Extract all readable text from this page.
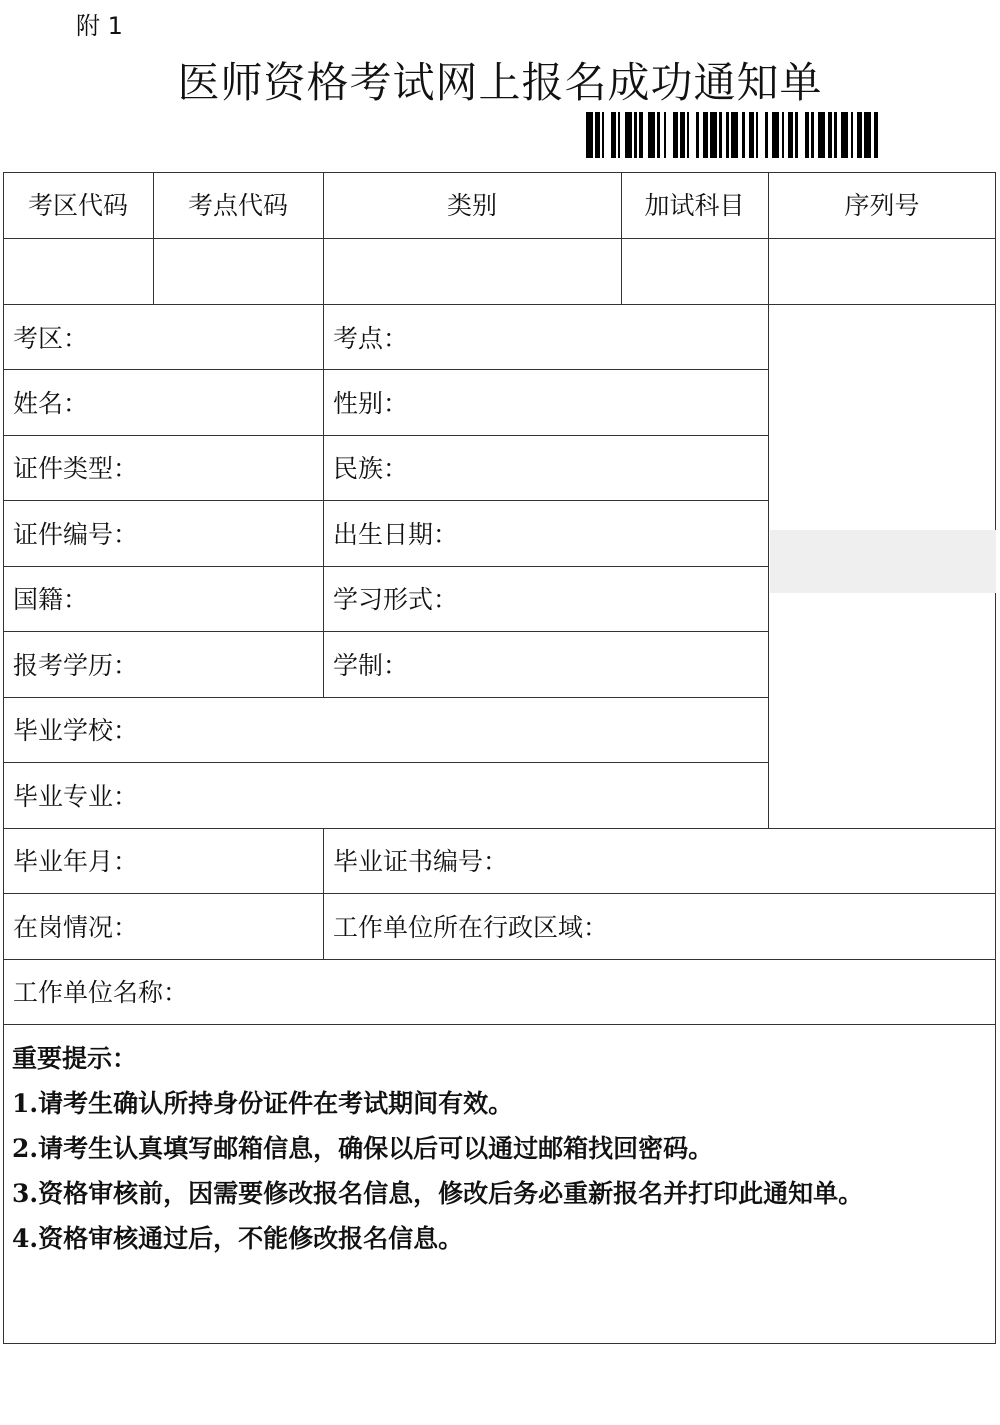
附 1
医师资格考试网上报名成功通知单
考区代码	考点代码	类别	加试科目	序列号
考区：	考点：
姓名：	性别：
证件类型：	民族：
证件编号：	出生日期：
国籍：	学习形式：
报考学历：	学制：
毕业学校：
毕业专业：
毕业年月：	毕业证书编号：
在岗情况：	工作单位所在行政区域：
工作单位名称：
重要提示：
1.请考生确认所持身份证件在考试期间有效。
2.请考生认真填写邮箱信息，确保以后可以通过邮箱找回密码。
3.资格审核前，因需要修改报名信息，修改后务必重新报名并打印此通知单。
4.资格审核通过后，不能修改报名信息。
